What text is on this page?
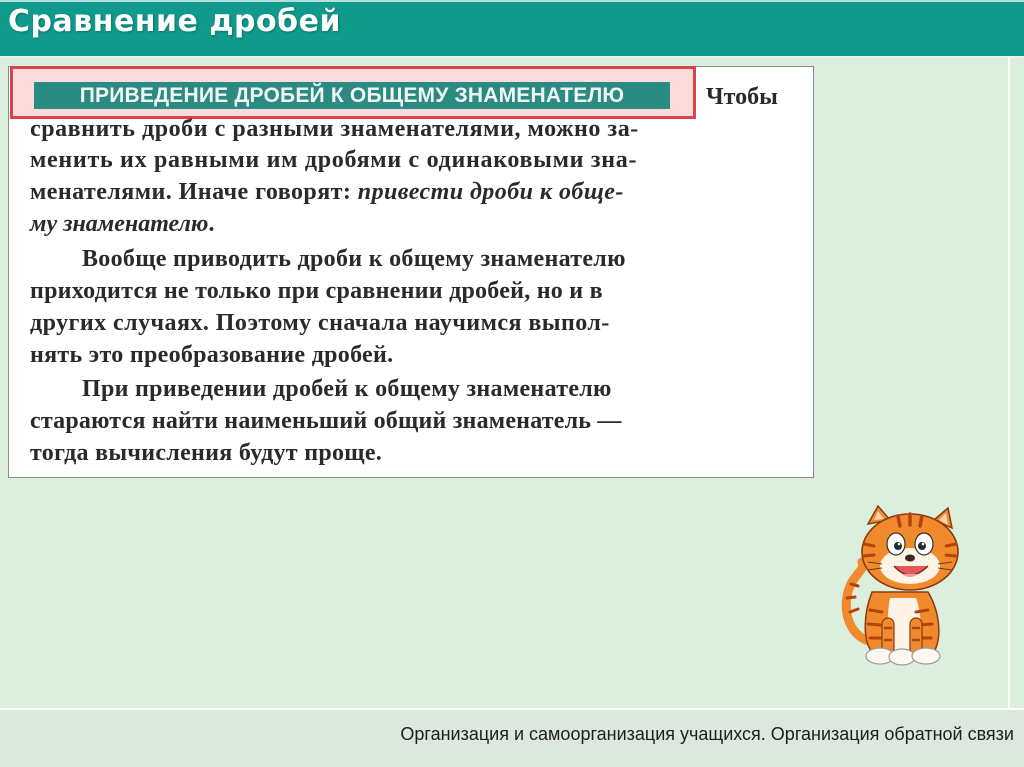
Сравнение дробей
ПРИВЕДЕНИЕ ДРОБЕЙ К ОБЩЕМУ ЗНАМЕНАТЕЛЮ	Чтобы
сравнить дроби с разными знаменателями, можно за-
менить их равными им дробями с одинаковыми зна-
менателями. Иначе говорят: привести дроби к обще-
му знаменателю.
Вообще приводить дроби к общему знаменателю
приходится не только при сравнении дробей, но и в
других случаях. Поэтому сначала научимся выпол-
нять это преобразование дробей.
При приведении дробей к общему знаменателю
стараются найти наименьший общий знаменатель —
тогда вычисления будут проще.
Организация и самоорганизация учащихся. Организация обратной связи
